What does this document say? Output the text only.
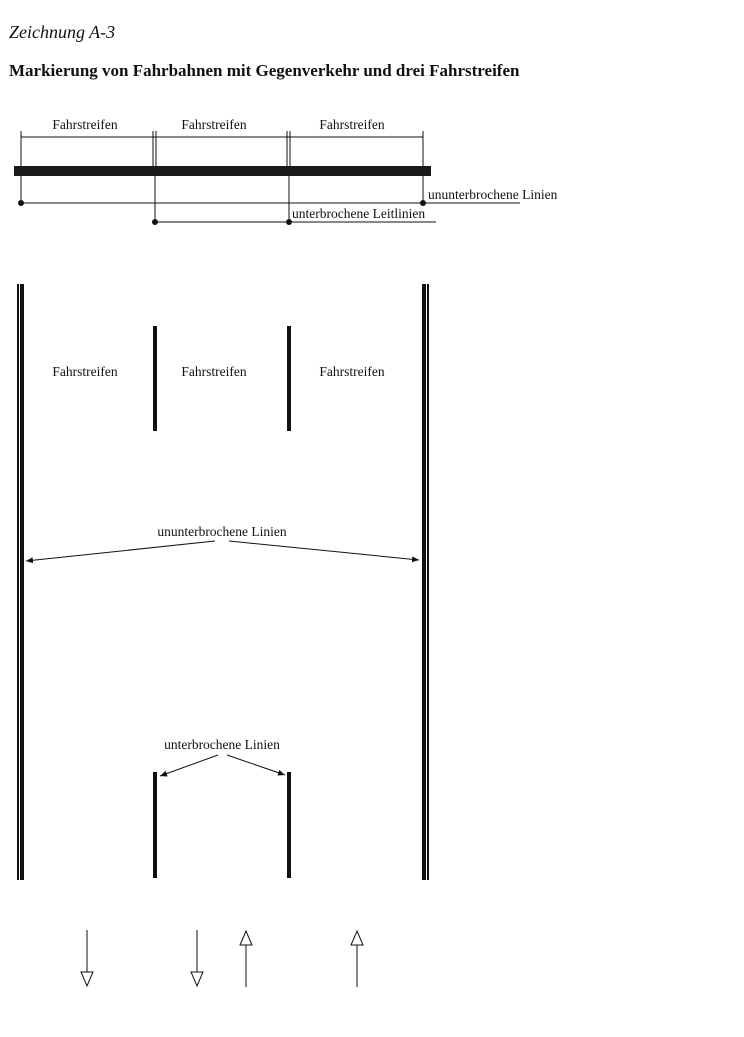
Zeichnung A-3
Markierung von Fahrbahnen mit Gegenverkehr und drei Fahrstreifen
Fahrstreifen	Fahrstreifen	Fahrstreifen
ununterbrochene Linien
unterbrochene Leitlinien
Fahrstreifen	Fahrstreifen	Fahrstreifen
ununterbrochene Linien
unterbrochene Linien
